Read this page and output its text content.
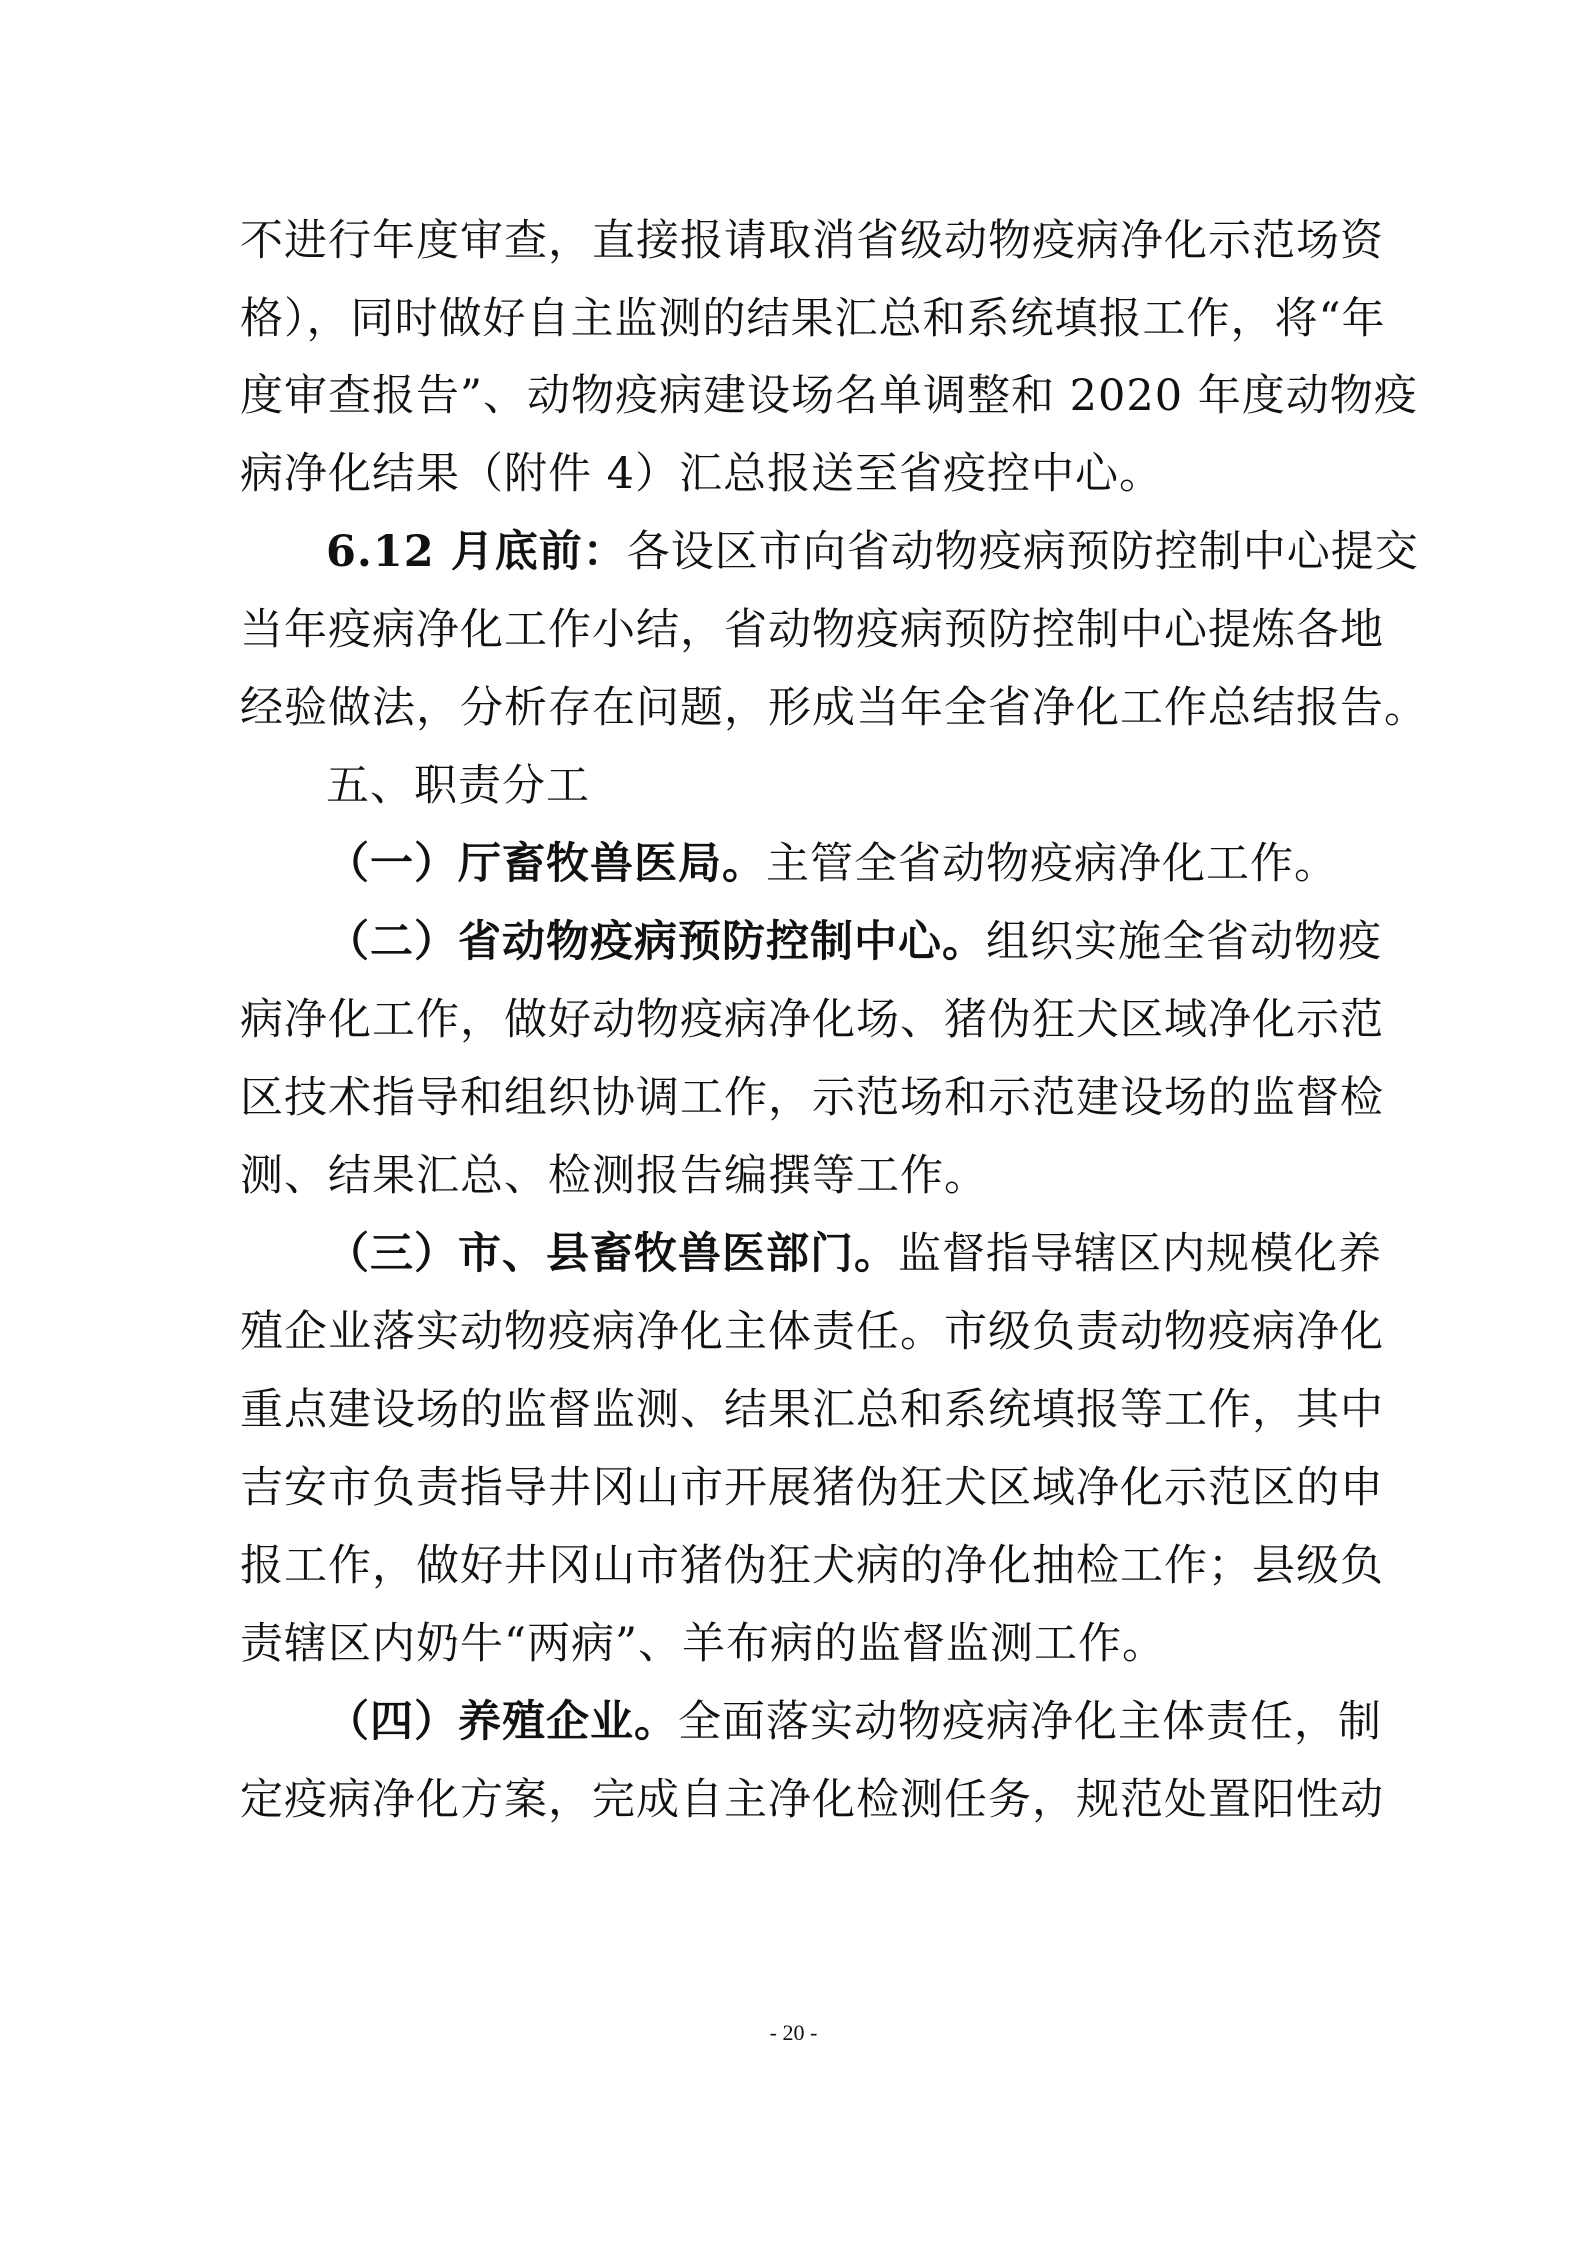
不进行年度审查，直接报请取消省级动物疫病净化示范场资
格），同时做好自主监测的结果汇总和系统填报工作，将“年
度审查报告”、动物疫病建设场名单调整和 2020 年度动物疫
病净化结果（附件 4）汇总报送至省疫控中心。
6.12 月底前：各设区市向省动物疫病预防控制中心提交
当年疫病净化工作小结，省动物疫病预防控制中心提炼各地
经验做法，分析存在问题，形成当年全省净化工作总结报告。
五、职责分工
（一）厅畜牧兽医局。主管全省动物疫病净化工作。
（二）省动物疫病预防控制中心。组织实施全省动物疫
病净化工作，做好动物疫病净化场、猪伪狂犬区域净化示范
区技术指导和组织协调工作，示范场和示范建设场的监督检
测、结果汇总、检测报告编撰等工作。
（三）市、县畜牧兽医部门。监督指导辖区内规模化养
殖企业落实动物疫病净化主体责任。市级负责动物疫病净化
重点建设场的监督监测、结果汇总和系统填报等工作，其中
吉安市负责指导井冈山市开展猪伪狂犬区域净化示范区的申
报工作，做好井冈山市猪伪狂犬病的净化抽检工作；县级负
责辖区内奶牛“两病”、羊布病的监督监测工作。
（四）养殖企业。全面落实动物疫病净化主体责任，制
定疫病净化方案，完成自主净化检测任务，规范处置阳性动
- 20 -
